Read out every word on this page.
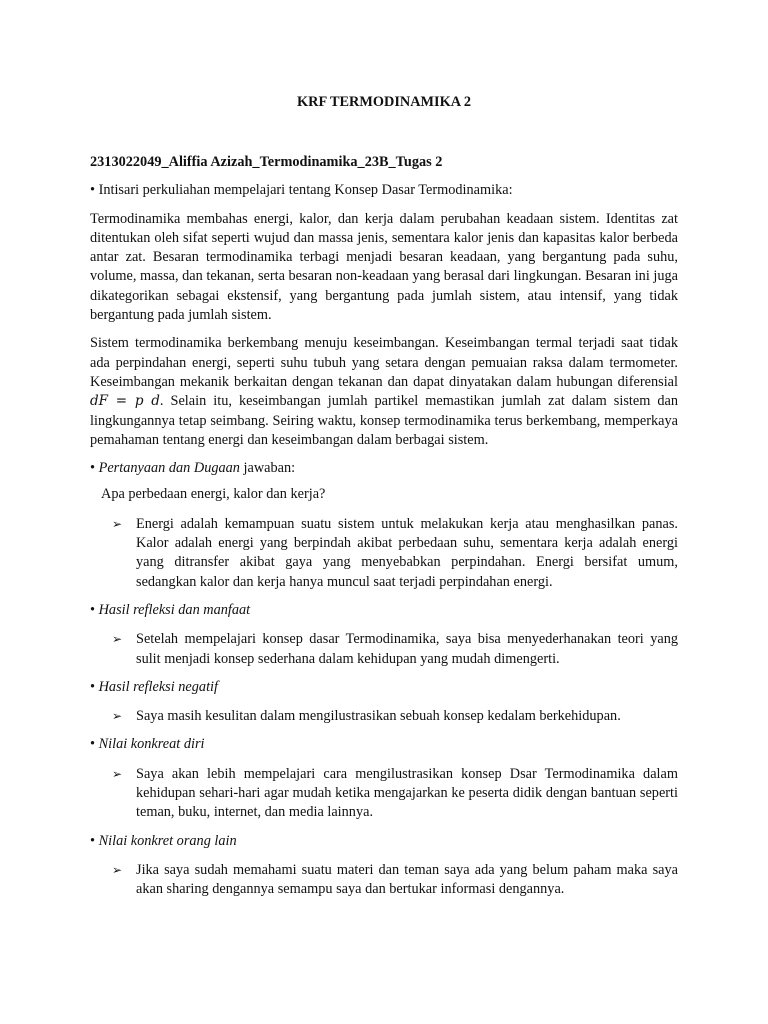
KRF TERMODINAMIKA 2

2313022049_Aliffia Azizah_Termodinamika_23B_Tugas 2

• Intisari perkuliahan mempelajari tentang Konsep Dasar Termodinamika:

Termodinamika membahas energi, kalor, dan kerja dalam perubahan keadaan sistem. Identitas zat ditentukan oleh sifat seperti wujud dan massa jenis, sementara kalor jenis dan kapasitas kalor berbeda antar zat. Besaran termodinamika terbagi menjadi besaran keadaan, yang bergantung pada suhu, volume, massa, dan tekanan, serta besaran non-keadaan yang berasal dari lingkungan. Besaran ini juga dikategorikan sebagai ekstensif, yang bergantung pada jumlah sistem, atau intensif, yang tidak bergantung pada jumlah sistem.

Sistem termodinamika berkembang menuju keseimbangan. Keseimbangan termal terjadi saat tidak ada perpindahan energi, seperti suhu tubuh yang setara dengan pemuaian raksa dalam termometer. Keseimbangan mekanik berkaitan dengan tekanan dan dapat dinyatakan dalam hubungan diferensial dF = p d. Selain itu, keseimbangan jumlah partikel memastikan jumlah zat dalam sistem dan lingkungannya tetap seimbang. Seiring waktu, konsep termodinamika terus berkembang, memperkaya pemahaman tentang energi dan keseimbangan dalam berbagai sistem.

• Pertanyaan dan Dugaan jawaban:

Apa perbedaan energi, kalor dan kerja?

➢ Energi adalah kemampuan suatu sistem untuk melakukan kerja atau menghasilkan panas. Kalor adalah energi yang berpindah akibat perbedaan suhu, sementara kerja adalah energi yang ditransfer akibat gaya yang menyebabkan perpindahan. Energi bersifat umum, sedangkan kalor dan kerja hanya muncul saat terjadi perpindahan energi.

• Hasil refleksi dan manfaat

➢ Setelah mempelajari konsep dasar Termodinamika, saya bisa menyederhanakan teori yang sulit menjadi konsep sederhana dalam kehidupan yang mudah dimengerti.

• Hasil refleksi negatif

➢ Saya masih kesulitan dalam mengilustrasikan sebuah konsep kedalam berkehidupan.

• Nilai konkreat diri

➢ Saya akan lebih mempelajari cara mengilustrasikan konsep Dsar Termodinamika dalam kehidupan sehari-hari agar mudah ketika mengajarkan ke peserta didik dengan bantuan seperti teman, buku, internet, dan media lainnya.

• Nilai konkret orang lain

➢ Jika saya sudah memahami suatu materi dan teman saya ada yang belum paham maka saya akan sharing dengannya semampu saya dan bertukar informasi dengannya.
